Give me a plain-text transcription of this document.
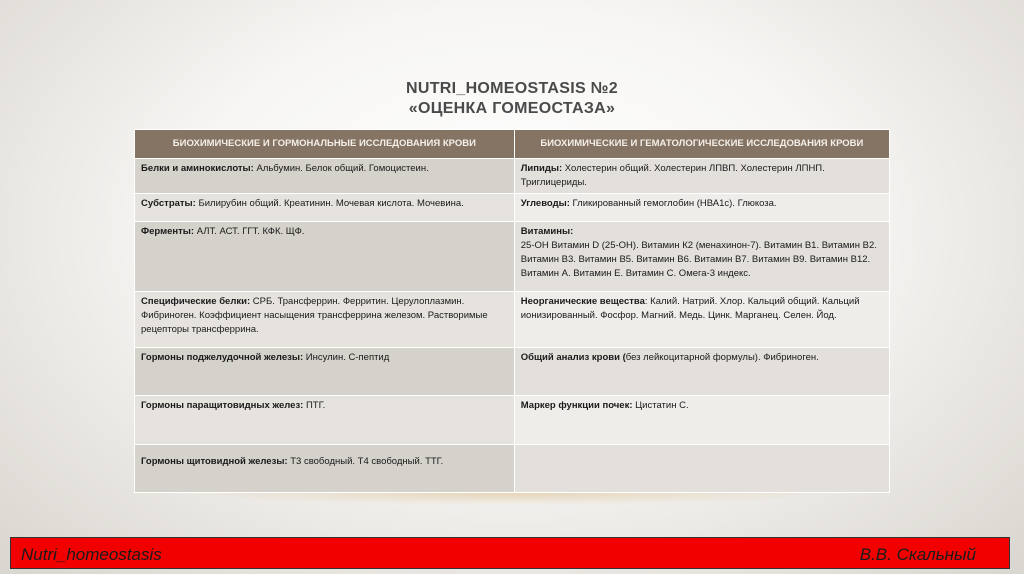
NUTRI_HOMEOSTASIS №2
«ОЦЕНКА ГОМЕОСТАЗА»
БИОХИМИЧЕСКИЕ И ГОРМОНАЛЬНЫЕ ИССЛЕДОВАНИЯ КРОВИ	БИОХИМИЧЕСКИЕ И ГЕМАТОЛОГИЧЕСКИЕ ИССЛЕДОВАНИЯ КРОВИ
Белки и аминокислоты: Альбумин. Белок общий. Гомоцистеин.	Липиды: Холестерин общий. Холестерин ЛПВП. Холестерин ЛПНП. Триглицериды.
Субстраты: Билирубин общий. Креатинин. Мочевая кислота. Мочевина.	Углеводы: Гликированный гемоглобин (НВА1с). Глюкоза.
Ферменты: АЛТ. АСТ. ГГТ. КФК. ЩФ.	Витамины:
25-ОН Витамин D (25-ОН). Витамин К2 (менахинон-7). Витамин В1. Витамин В2. Витамин В3. Витамин В5. Витамин В6. Витамин В7. Витамин В9. Витамин В12. Витамин А. Витамин Е. Витамин С. Омега-3 индекс.
Специфические белки: СРБ. Трансферрин. Ферритин. Церулоплазмин. Фибриноген. Коэффициент насыщения трансферрина железом. Растворимые рецепторы трансферрина.	Неорганические вещества: Калий. Натрий. Хлор. Кальций общий. Кальций ионизированный. Фосфор. Магний. Медь. Цинк. Марганец. Селен. Йод.
Гормоны поджелудочной железы: Инсулин. С-пептид	Общий анализ крови (без лейкоцитарной формулы). Фибриноген.
Гормоны паращитовидных желез: ПТГ.	Маркер функции почек: Цистатин С.
Гормоны щитовидной железы: Т3 свободный. Т4 свободный. ТТГ.	
Nutri_homeostasis	В.В. Скальный
